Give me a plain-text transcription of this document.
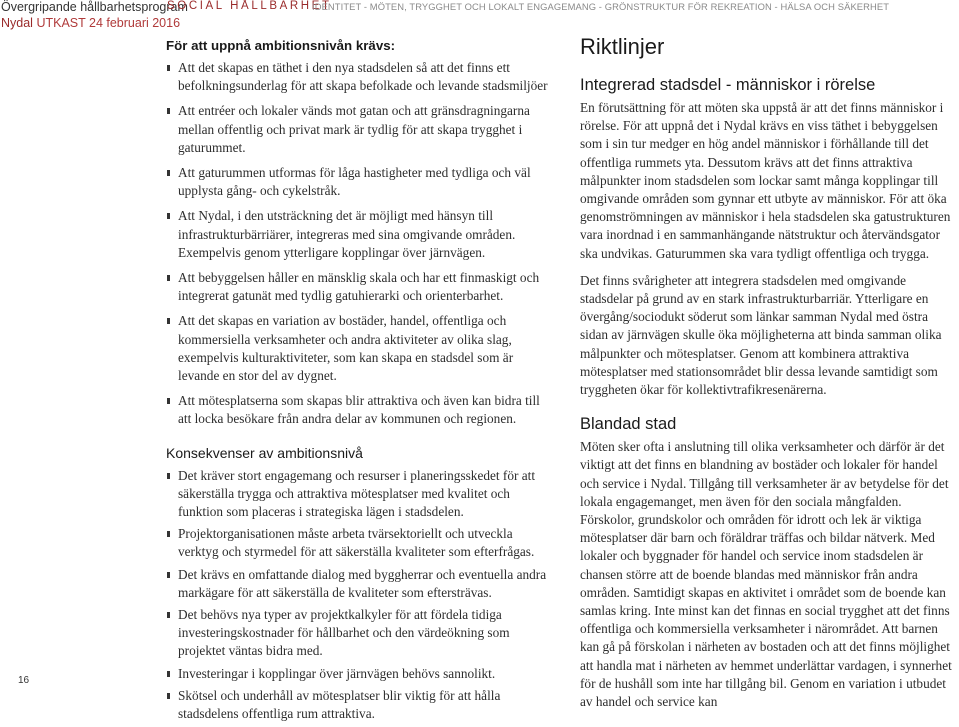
Övergripande hållbarhetsprogram
Nydal UTKAST 24 februari 2016
SOCIAL HÅLLBARHET
IDENTITET - MÖTEN, TRYGGHET OCH LOKALT ENGAGEMANG - GRÖNSTRUKTUR FÖR REKREATION - HÄLSA OCH SÄKERHET
För att uppnå ambitionsnivån krävs:
Att det skapas en täthet i den nya stadsdelen så att det finns ett befolkningsunderlag för att skapa befolkade och levande stadsmiljöer
Att entréer och lokaler vänds mot gatan och att gränsdragningarna mellan offentlig och privat mark är tydlig för att skapa trygghet i gaturummet.
Att gaturummen utformas för låga hastigheter med tydliga och väl upplysta gång- och cykelstråk.
Att Nydal, i den utsträckning det är möjligt med hänsyn till infrastrukturbärriärer, integreras med sina omgivande områden. Exempelvis genom ytterligare kopplingar över järnvägen.
Att bebyggelsen håller en mänsklig skala och har ett finmaskigt och integrerat gatunät med tydlig gatuhierarki och orienterbarhet.
Att det skapas en variation av bostäder, handel, offentliga och kommersiella verksamheter och andra aktiviteter av olika slag, exempelvis kulturaktiviteter, som kan skapa en stadsdel som är levande en stor del av dygnet.
Att mötesplatserna som skapas blir attraktiva och även kan bidra till att locka besökare från andra delar av kommunen och regionen.
Konsekvenser av ambitionsnivå
Det kräver stort engagemang och resurser i planeringsskedet för att säkerställa trygga och attraktiva mötesplatser med kvalitet och funktion som placeras i strategiska lägen i stadsdelen.
Projektorganisationen måste arbeta tvärsektoriellt och utveckla verktyg och styrmedel för att säkerställa kvaliteter som efterfrågas.
Det krävs en omfattande dialog med byggherrar och eventuella andra markägare för att säkerställa de kvaliteter som eftersträvas.
Det behövs nya typer av projektkalkyler för att fördela tidiga investeringskostnader för hållbarhet och den värdeökning som projektet väntas bidra med.
Investeringar i kopplingar över järnvägen behövs sannolikt.
Skötsel och underhåll av mötesplatser blir viktig för att hålla stadsdelens offentliga rum attraktiva.
Riktlinjer
Integrerad stadsdel - människor i rörelse

En förutsättning för att möten ska uppstå är att det finns människor i rörelse. För att uppnå det i Nydal krävs en viss täthet i bebyggelsen som i sin tur medger en hög andel människor i förhållande till det offentliga rummets yta. Dessutom krävs att det finns attraktiva målpunkter inom stadsdelen som lockar samt många kopplingar till omgivande områden som gynnar ett utbyte av människor. För att öka genomströmningen av människor i hela stadsdelen ska gatustrukturen vara inordnad i en sammanhängande nätstruktur och återvändsgator ska undvikas. Gaturummen ska vara tydligt offentliga och trygga.

Det finns svårigheter att integrera stadsdelen med omgivande stadsdelar på grund av en stark infrastrukturbarriär. Ytterligare en övergång/sociodukt söderut som länkar samman Nydal med östra sidan av järnvägen skulle öka möjligheterna att binda samman olika målpunkter och mötesplatser. Genom att kombinera attraktiva mötesplatser med stationsområdet blir dessa levande samtidigt som tryggheten ökar för kollektivtrafikresenärerna.

Blandad stad

Möten sker ofta i anslutning till olika verksamheter och därför är det viktigt att det finns en blandning av bostäder och lokaler för handel och service i Nydal. Tillgång till verksamheter är av betydelse för det lokala engagemanget, men även för den sociala mångfalden. Förskolor, grundskolor och områden för idrott och lek är viktiga mötesplatser där barn och föräldrar träffas och bildar nätverk. Med lokaler och byggnader för handel och service inom stadsdelen är chansen större att de boende blandas med människor från andra områden. Samtidigt skapas en aktivitet i området som de boende kan samlas kring. Inte minst kan det finnas en social trygghet att det finns offentliga och kommersiella verksamheter i närområdet. Att barnen kan gå på förskolan i närheten av bostaden och att det finns möjlighet att handla mat i närheten av hemmet underlättar vardagen, i synnerhet för de hushåll som inte har tillgång bil. Genom en variation i utbudet av handel och service kan

16
